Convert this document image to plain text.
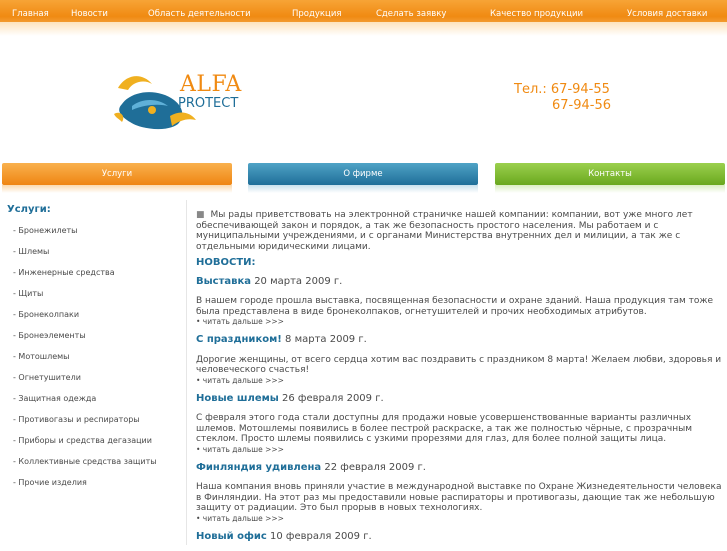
Главная	Новости	Область деятельности	Продукция	Сделать заявку	Качество продукции	Условия доставки
ALFA
PROTECT
Тел.: 67-94-55
67-94-56
Услуги	О фирме	Контакты
Услуги:
- Бронежилеты
- Шлемы
- Инженерные средства
- Щиты
- Бронеколпаки
- Бронеэлементы
- Мотошлемы
- Огнетушители
- Защитная одежда
- Противогазы и респираторы
- Приборы и средства дегазации
- Коллективные средства защиты
- Прочие изделия

■ Мы рады приветствовать на электронной страничке нашей компании: компании, вот уже много лет обеспечивающей закон и порядок, а так же безопасность простого населения. Мы работаем и с муниципальными учреждениями, и с органами Министерства внутренних дел и милиции, а так же с отдельными юридическими лицами.

НОВОСТИ:
Выставка 20 марта 2009 г.

В нашем городе прошла выставка, посвященная безопасности и охране зданий. Наша продукция там тоже была представлена в виде бронеколпаков, огнетушителей и прочих необходимых атрибутов.

• читать дальше >>>
С праздником! 8 марта 2009 г.

Дорогие женщины, от всего сердца хотим вас поздравить с праздником 8 марта! Желаем любви, здоровья и человеческого счастья!

• читать дальше >>>
Новые шлемы 26 февраля 2009 г.

С февраля этого года стали доступны для продажи новые усовершенствованные варианты различных шлемов. Мотошлемы появились в более пестрой раскраске, а так же полностью чёрные, с прозрачным стеклом. Просто шлемы появились с узкими прорезями для глаз, для более полной защиты лица.

• читать дальше >>>
Финляндия удивлена 22 февраля 2009 г.

Наша компания вновь приняли участие в международной выставке по Охране Жизнедеятельности человека в Финляндии. На этот раз мы предоставили новые распираторы и противогазы, дающие так же небольшую защиту от радиации. Это был прорыв в новых технологиях.

• читать дальше >>>
Новый офис 10 февраля 2009 г.
